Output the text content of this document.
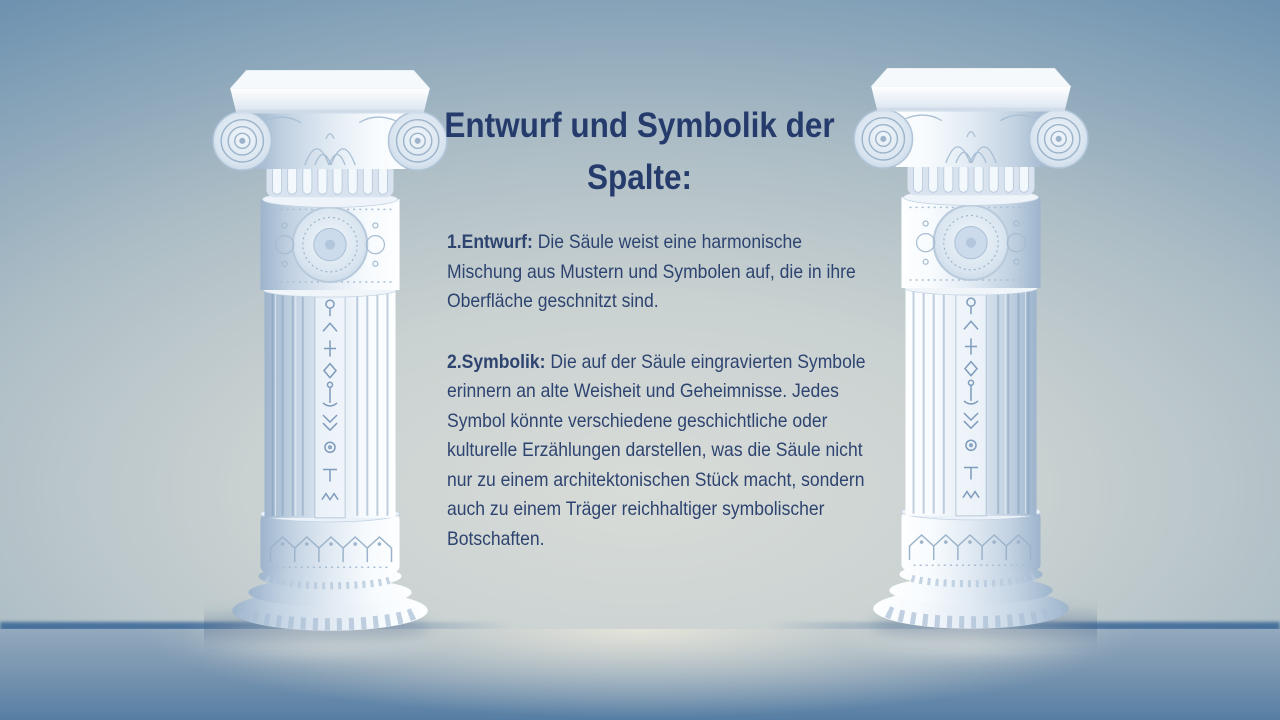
Entwurf und Symbolik der Spalte:

1.Entwurf: Die Säule weist eine harmonische Mischung aus Mustern und Symbolen auf, die in ihre Oberfläche geschnitzt sind.

2.Symbolik: Die auf der Säule eingravierten Symbole erinnern an alte Weisheit und Geheimnisse. Jedes Symbol könnte verschiedene geschichtliche oder kulturelle Erzählungen darstellen, was die Säule nicht nur zu einem architektonischen Stück macht, sondern auch zu einem Träger reichhaltiger symbolischer Botschaften.
